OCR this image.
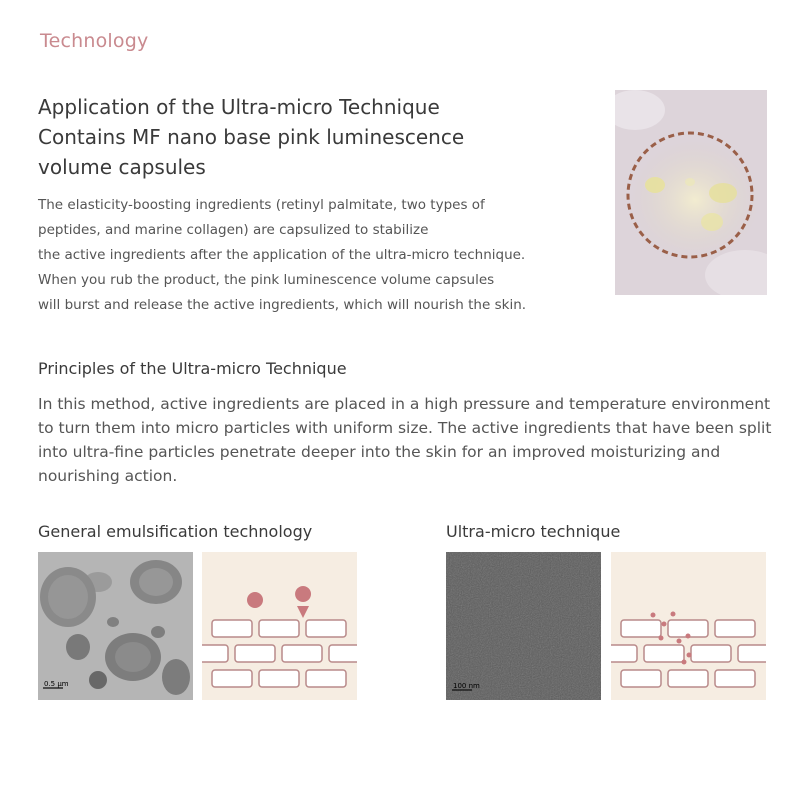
Technology
Application of the Ultra-micro Technique
Contains MF nano base pink luminescence
volume capsules
The elasticity-boosting ingredients (retinyl palmitate, two types of
peptides, and marine collagen) are capsulized to stabilize
the active ingredients after the application of the ultra-micro technique.
When you rub the product, the pink luminescence volume capsules
will burst and release the active ingredients, which will nourish the skin.
Principles of the Ultra-micro Technique
In this method, active ingredients are placed in a high pressure and temperature environment
to turn them into micro particles with uniform size. The active ingredients that have been split
into ultra-fine particles penetrate deeper into the skin for an improved moisturizing and
nourishing action.
General emulsification technology	Ultra-micro technique
0.5 μm	100 nm
